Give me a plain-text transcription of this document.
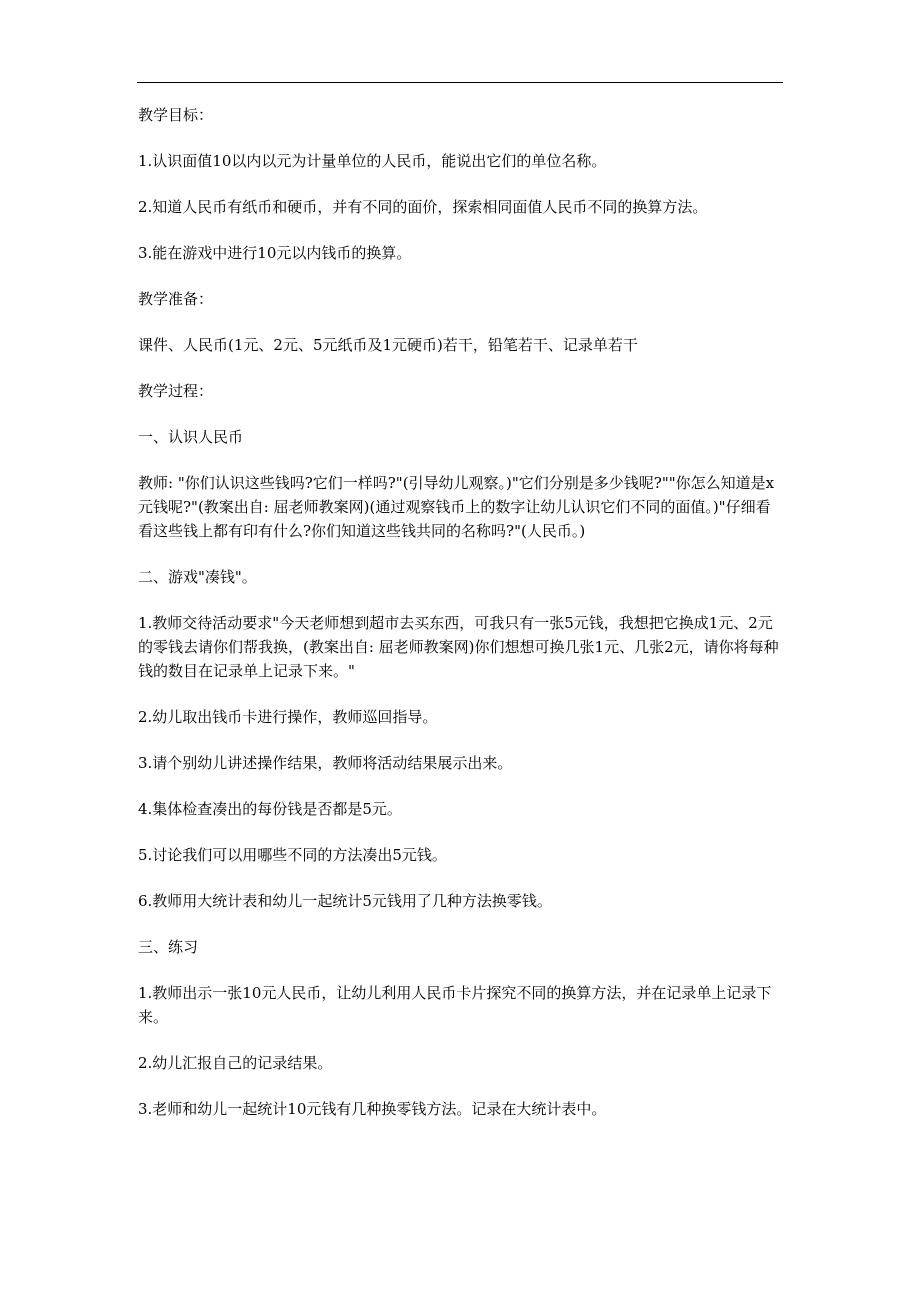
教学目标：

1.认识面值10以内以元为计量单位的人民币，能说出它们的单位名称。

2.知道人民币有纸币和硬币，并有不同的面价，探索相同面值人民币不同的换算方法。

3.能在游戏中进行10元以内钱币的换算。

教学准备：

课件、人民币(1元、2元、5元纸币及1元硬币)若干，铅笔若干、记录单若干

教学过程：

一、认识人民币

教师: "你们认识这些钱吗?它们一样吗?"(引导幼儿观察。)"它们分别是多少钱呢?""你怎么知道是x元钱呢?"(教案出自: 屈老师教案网)(通过观察钱币上的数字让幼儿认识它们不同的面值。)"仔细看看这些钱上都有印有什么?你们知道这些钱共同的名称吗?"(人民币。)

二、游戏"凑钱"。

1.教师交待活动要求"今天老师想到超市去买东西，可我只有一张5元钱，我想把它换成1元、2元的零钱去请你们帮我换，(教案出自: 屈老师教案网)你们想想可换几张1元、几张2元，请你将每种钱的数目在记录单上记录下来。"

2.幼儿取出钱币卡进行操作，教师巡回指导。

3.请个别幼儿讲述操作结果，教师将活动结果展示出来。

4.集体检查凑出的每份钱是否都是5元。

5.讨论我们可以用哪些不同的方法凑出5元钱。

6.教师用大统计表和幼儿一起统计5元钱用了几种方法换零钱。

三、练习

1.教师出示一张10元人民币，让幼儿利用人民币卡片探究不同的换算方法，并在记录单上记录下来。

2.幼儿汇报自己的记录结果。

3.老师和幼儿一起统计10元钱有几种换零钱方法。记录在大统计表中。
